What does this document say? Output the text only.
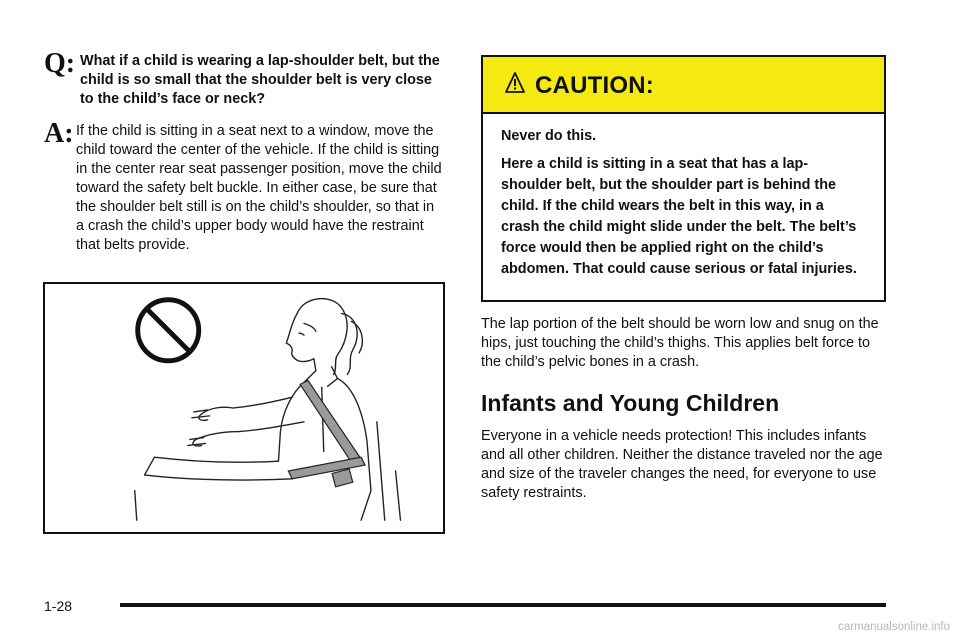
Q: What if a child is wearing a lap-shoulder belt, but the child is so small that the shoulder belt is very close to the child’s face or neck?
A: If the child is sitting in a seat next to a window, move the child toward the center of the vehicle. If the child is sitting in the center rear seat passenger position, move the child toward the safety belt buckle. In either case, be sure that the shoulder belt still is on the child’s shoulder, so that in a crash the child’s upper body would have the restraint that belts provide.
CAUTION:

Never do this.

Here a child is sitting in a seat that has a lap-shoulder belt, but the shoulder part is behind the child. If the child wears the belt in this way, in a crash the child might slide under the belt. The belt’s force would then be applied right on the child’s abdomen. That could cause serious or fatal injuries.

The lap portion of the belt should be worn low and snug on the hips, just touching the child’s thighs. This applies belt force to the child’s pelvic bones in a crash.
Infants and Young Children
Everyone in a vehicle needs protection! This includes infants and all other children. Neither the distance traveled nor the age and size of the traveler changes the need, for everyone to use safety restraints.
1-28
carmanualsonline.info
